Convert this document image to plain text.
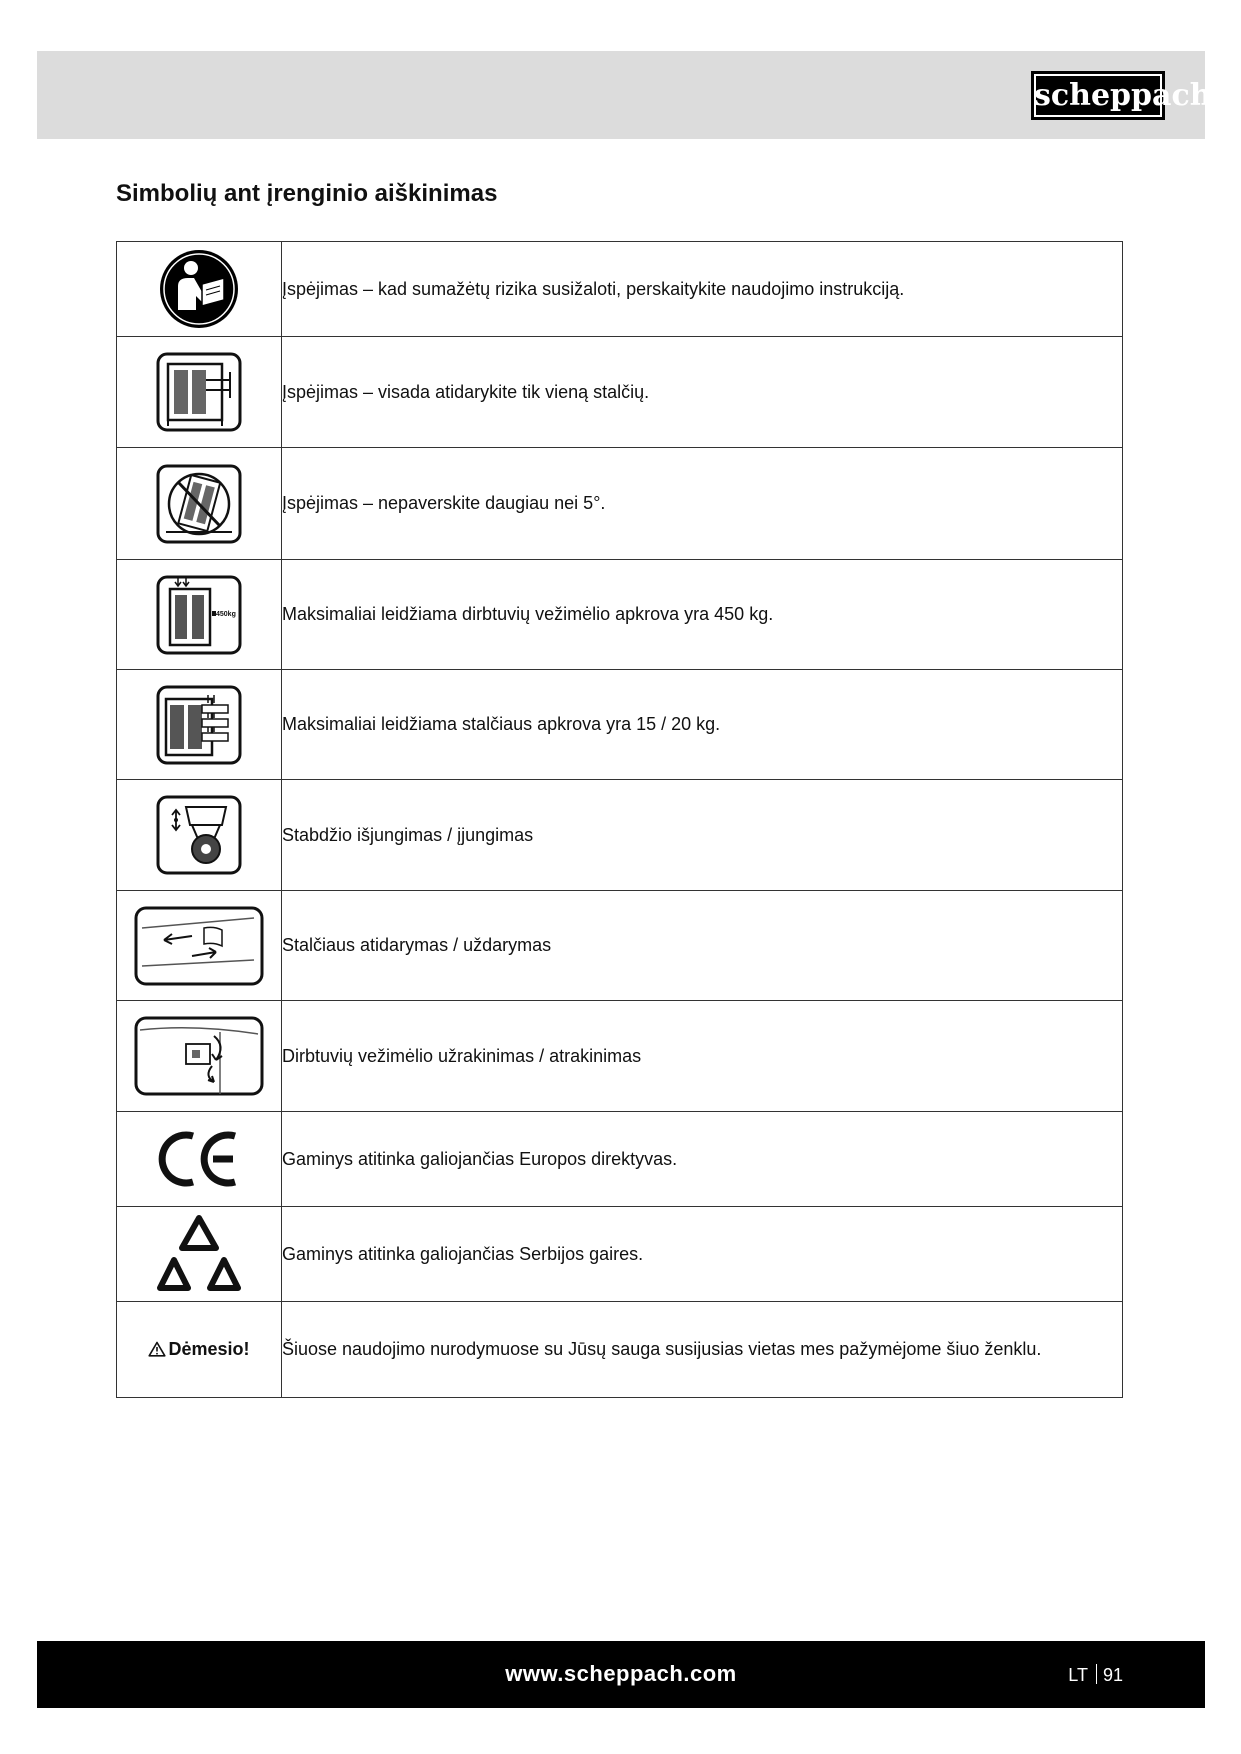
scheppach
Simbolių ant įrenginio aiškinimas
	Įspėjimas – kad sumažėtų rizika susižaloti, perskaitykite naudojimo instrukciją.

	Įspėjimas – visada atidarykite tik vieną stalčių.

	Įspėjimas – nepaverskite daugiau nei 5°.

450kg	Maksimaliai leidžiama dirbtuvių vežimėlio apkrova yra 450 kg.

	Maksimaliai leidžiama stalčiaus apkrova yra 15 / 20 kg.

	Stabdžio išjungimas / įjungimas

	Stalčiaus atidarymas / uždarymas

	Dirbtuvių vežimėlio užrakinimas / atrakinimas

	Gaminys atitinka galiojančias Europos direktyvas.

	Gaminys atitinka galiojančias Serbijos gaires.
Dėmesio!	Šiuose naudojimo nurodymuose su Jūsų sauga susijusias vietas mes pažymėjome šiuo ženklu.
www.scheppach.com	LT 91
